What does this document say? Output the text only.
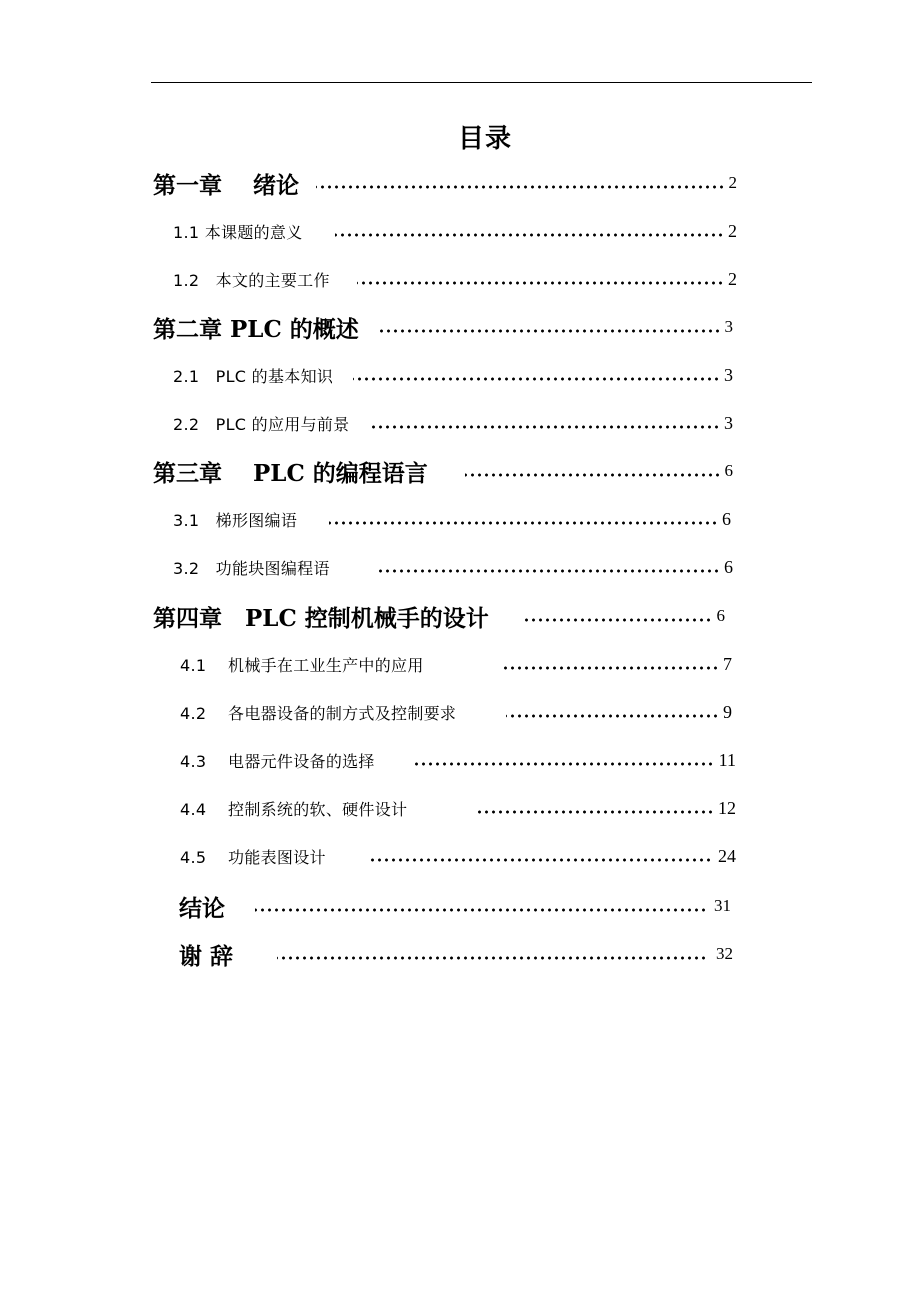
目录
第一章　 绪论	2
1.1 本课题的意义	2
1.2　本文的主要工作	2
第二章 PLC 的概述	3
2.1　PLC 的基本知识	3
2.2　PLC 的应用与前景	3
第三章　 PLC 的编程语言	6
3.1　梯形图编语	6
3.2　功能块图编程语	6
第四章　PLC 控制机械手的设计	6
4.1　 机械手在工业生产中的应用	7
4.2　 各电器设备的制方式及控制要求	9
4.3　 电器元件设备的选择	11
4.4　 控制系统的软、硬件设计	12
4.5　 功能表图设计	24
结论	31
谢 辞	32
